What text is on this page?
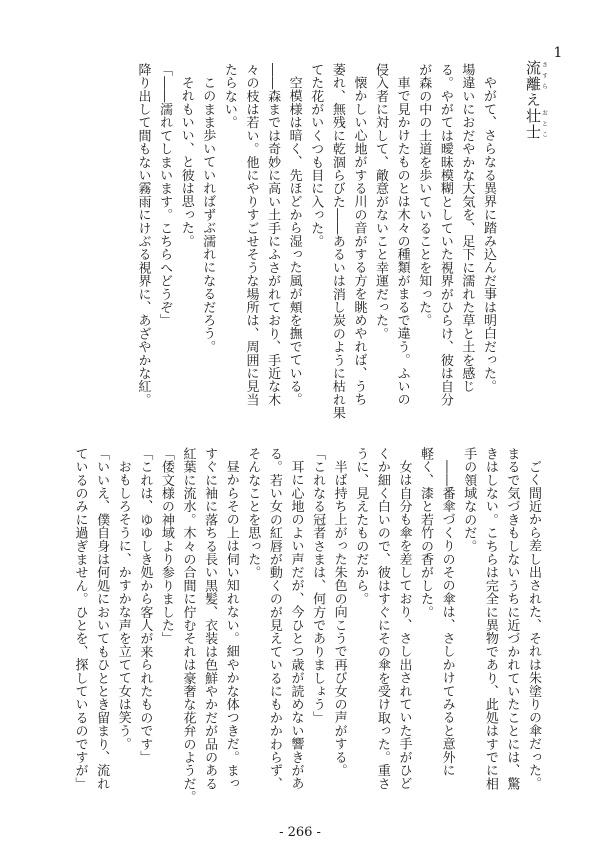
1
流離さすらえ壮士おとこ

やがて、さらなる異界に踏み込んだ事は明白だった。

場違いにおだやかな大気を、足下に濡れた草と土を感じ

る。やがては曖昧模糊としていた視界がひらけ、彼は自分

が森の中の土道を歩いていることを知った。

車で見かけたものとは木々の種類がまるで違う。ふいの

侵入者に対して、敵意がないこと幸運だった。

懐かしい心地がする川の音がする方を眺めやれば、うち

萎れ、無残に乾涸らびた――あるいは消し炭のように枯れ果

てた花がいくつも目に入った。

空模様は暗く、先ほどから湿った風が頬を撫でている。

――森までは奇妙に高い土手にふさがれており、手近な木

々の枝は若い。他にやりすごせそうな場所は、周囲に見当

たらない。

このまま歩いていればずぶ濡れになるだろう。

それもいい、と彼は思った。

「――濡れてしまいます。こちらへどうぞ」

降り出して間もない霧雨にけぶる視界に、あざやかな紅。

ごく間近から差し出された、それは朱塗りの傘だった。

まるで気づきもしないうちに近づかれていたことには、驚

きはしない。こちらは完全に異物であり、此処はすでに相

手の領域なのだ。

――番傘づくりのその傘は、さしかけてみると意外に

軽く、漆と若竹の香がした。

女は自分も傘を差しており、さし出されていた手がひど

くか細く白いので、彼はすぐにその傘を受け取った。重さ

うに、見えたものだから。

半ば持ち上がった朱色の向こうで再び女の声がする。

「これなる冠者さまは、何方でありましょう」

耳に心地のよい声だが、今ひとつ歳が読めない響きがあ

る。若い女の紅唇が動くのが見えているにもかかわらず、

そんなことを思った。

昼からその上は伺い知れない。細やかな体つきだ。まっ

すぐに袖に落ちる長い黒髪、衣装は色鮮やかだが品のある

紅葉に流水。木々の合間に佇むそれは豪奢な花弁のようだ。

「倭文様の神域より参りました」

「これは、ゆゆしき処から客人が来られたものです」

おもしろそうに、かすかな声を立てて女は笑う。

「いいえ、僕自身は何処においてもひととき留まり、流れ

ているのみに過ぎません。ひとを、探しているのですが」

- 266 -
